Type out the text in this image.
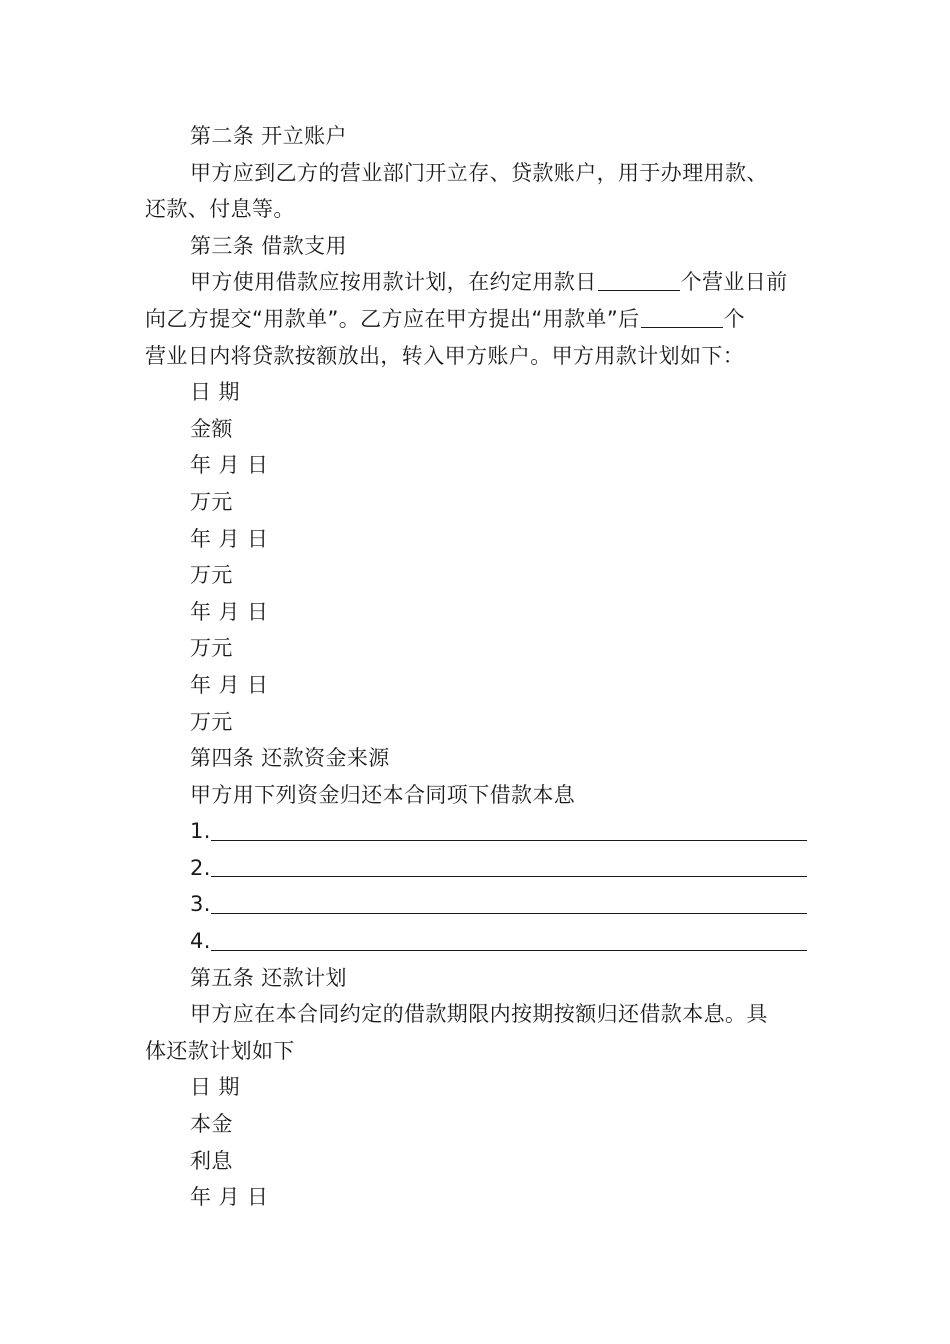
第二条 开立账户
甲方应到乙方的营业部门开立存、贷款账户，用于办理用款、
还款、付息等。
第三条 借款支用
甲方使用借款应按用款计划，在约定用款日	个营业日前
向乙方提交“用款单”。乙方应在甲方提出“用款单”后	个
营业日内将贷款按额放出，转入甲方账户。甲方用款计划如下：
日 期
金额
年 月 日
万元
年 月 日
万元
年 月 日
万元
年 月 日
万元
第四条 还款资金来源
甲方用下列资金归还本合同项下借款本息
1.
2.
3.
4.
第五条 还款计划
甲方应在本合同约定的借款期限内按期按额归还借款本息。具
体还款计划如下
日 期
本金
利息
年 月 日
